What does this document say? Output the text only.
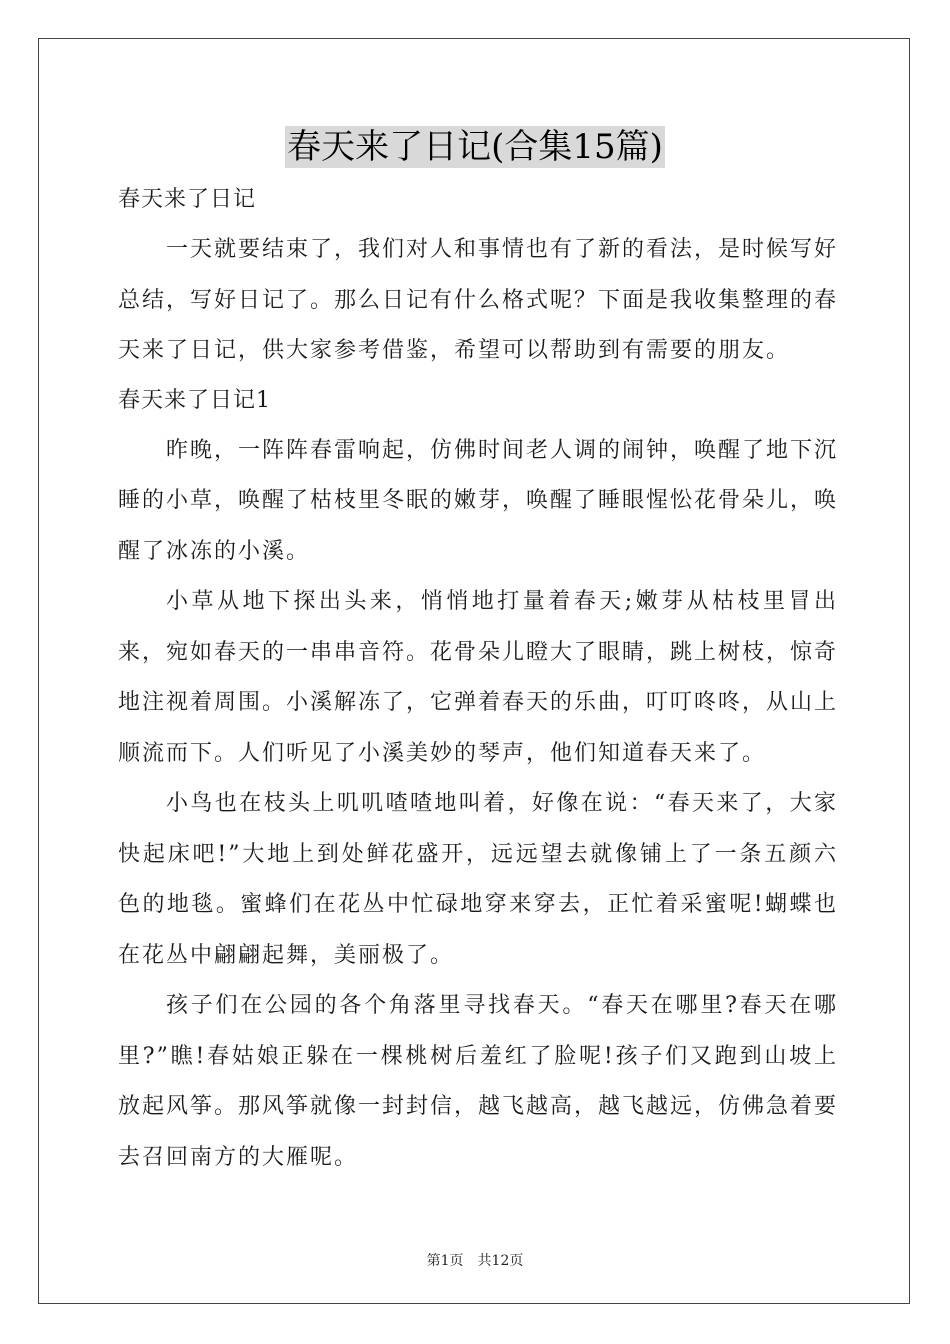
春天来了日记(合集15篇)

春天来了日记

一天就要结束了，我们对人和事情也有了新的看法，是时候写好总结，写好日记了。那么日记有什么格式呢？下面是我收集整理的春天来了日记，供大家参考借鉴，希望可以帮助到有需要的朋友。

春天来了日记1

昨晚，一阵阵春雷响起，仿佛时间老人调的闹钟，唤醒了地下沉睡的小草，唤醒了枯枝里冬眠的嫩芽，唤醒了睡眼惺忪花骨朵儿，唤醒了冰冻的小溪。

小草从地下探出头来，悄悄地打量着春天;嫩芽从枯枝里冒出来，宛如春天的一串串音符。花骨朵儿瞪大了眼睛，跳上树枝，惊奇地注视着周围。小溪解冻了，它弹着春天的乐曲，叮叮咚咚，从山上顺流而下。人们听见了小溪美妙的琴声，他们知道春天来了。

小鸟也在枝头上叽叽喳喳地叫着，好像在说：“春天来了，大家快起床吧!”大地上到处鲜花盛开，远远望去就像铺上了一条五颜六色的地毯。蜜蜂们在花丛中忙碌地穿来穿去，正忙着采蜜呢!蝴蝶也在花丛中翩翩起舞，美丽极了。

孩子们在公园的各个角落里寻找春天。“春天在哪里?春天在哪里?”瞧!春姑娘正躲在一棵桃树后羞红了脸呢!孩子们又跑到山坡上放起风筝。那风筝就像一封封信，越飞越高，越飞越远，仿佛急着要去召回南方的大雁呢。

第1页　共12页
